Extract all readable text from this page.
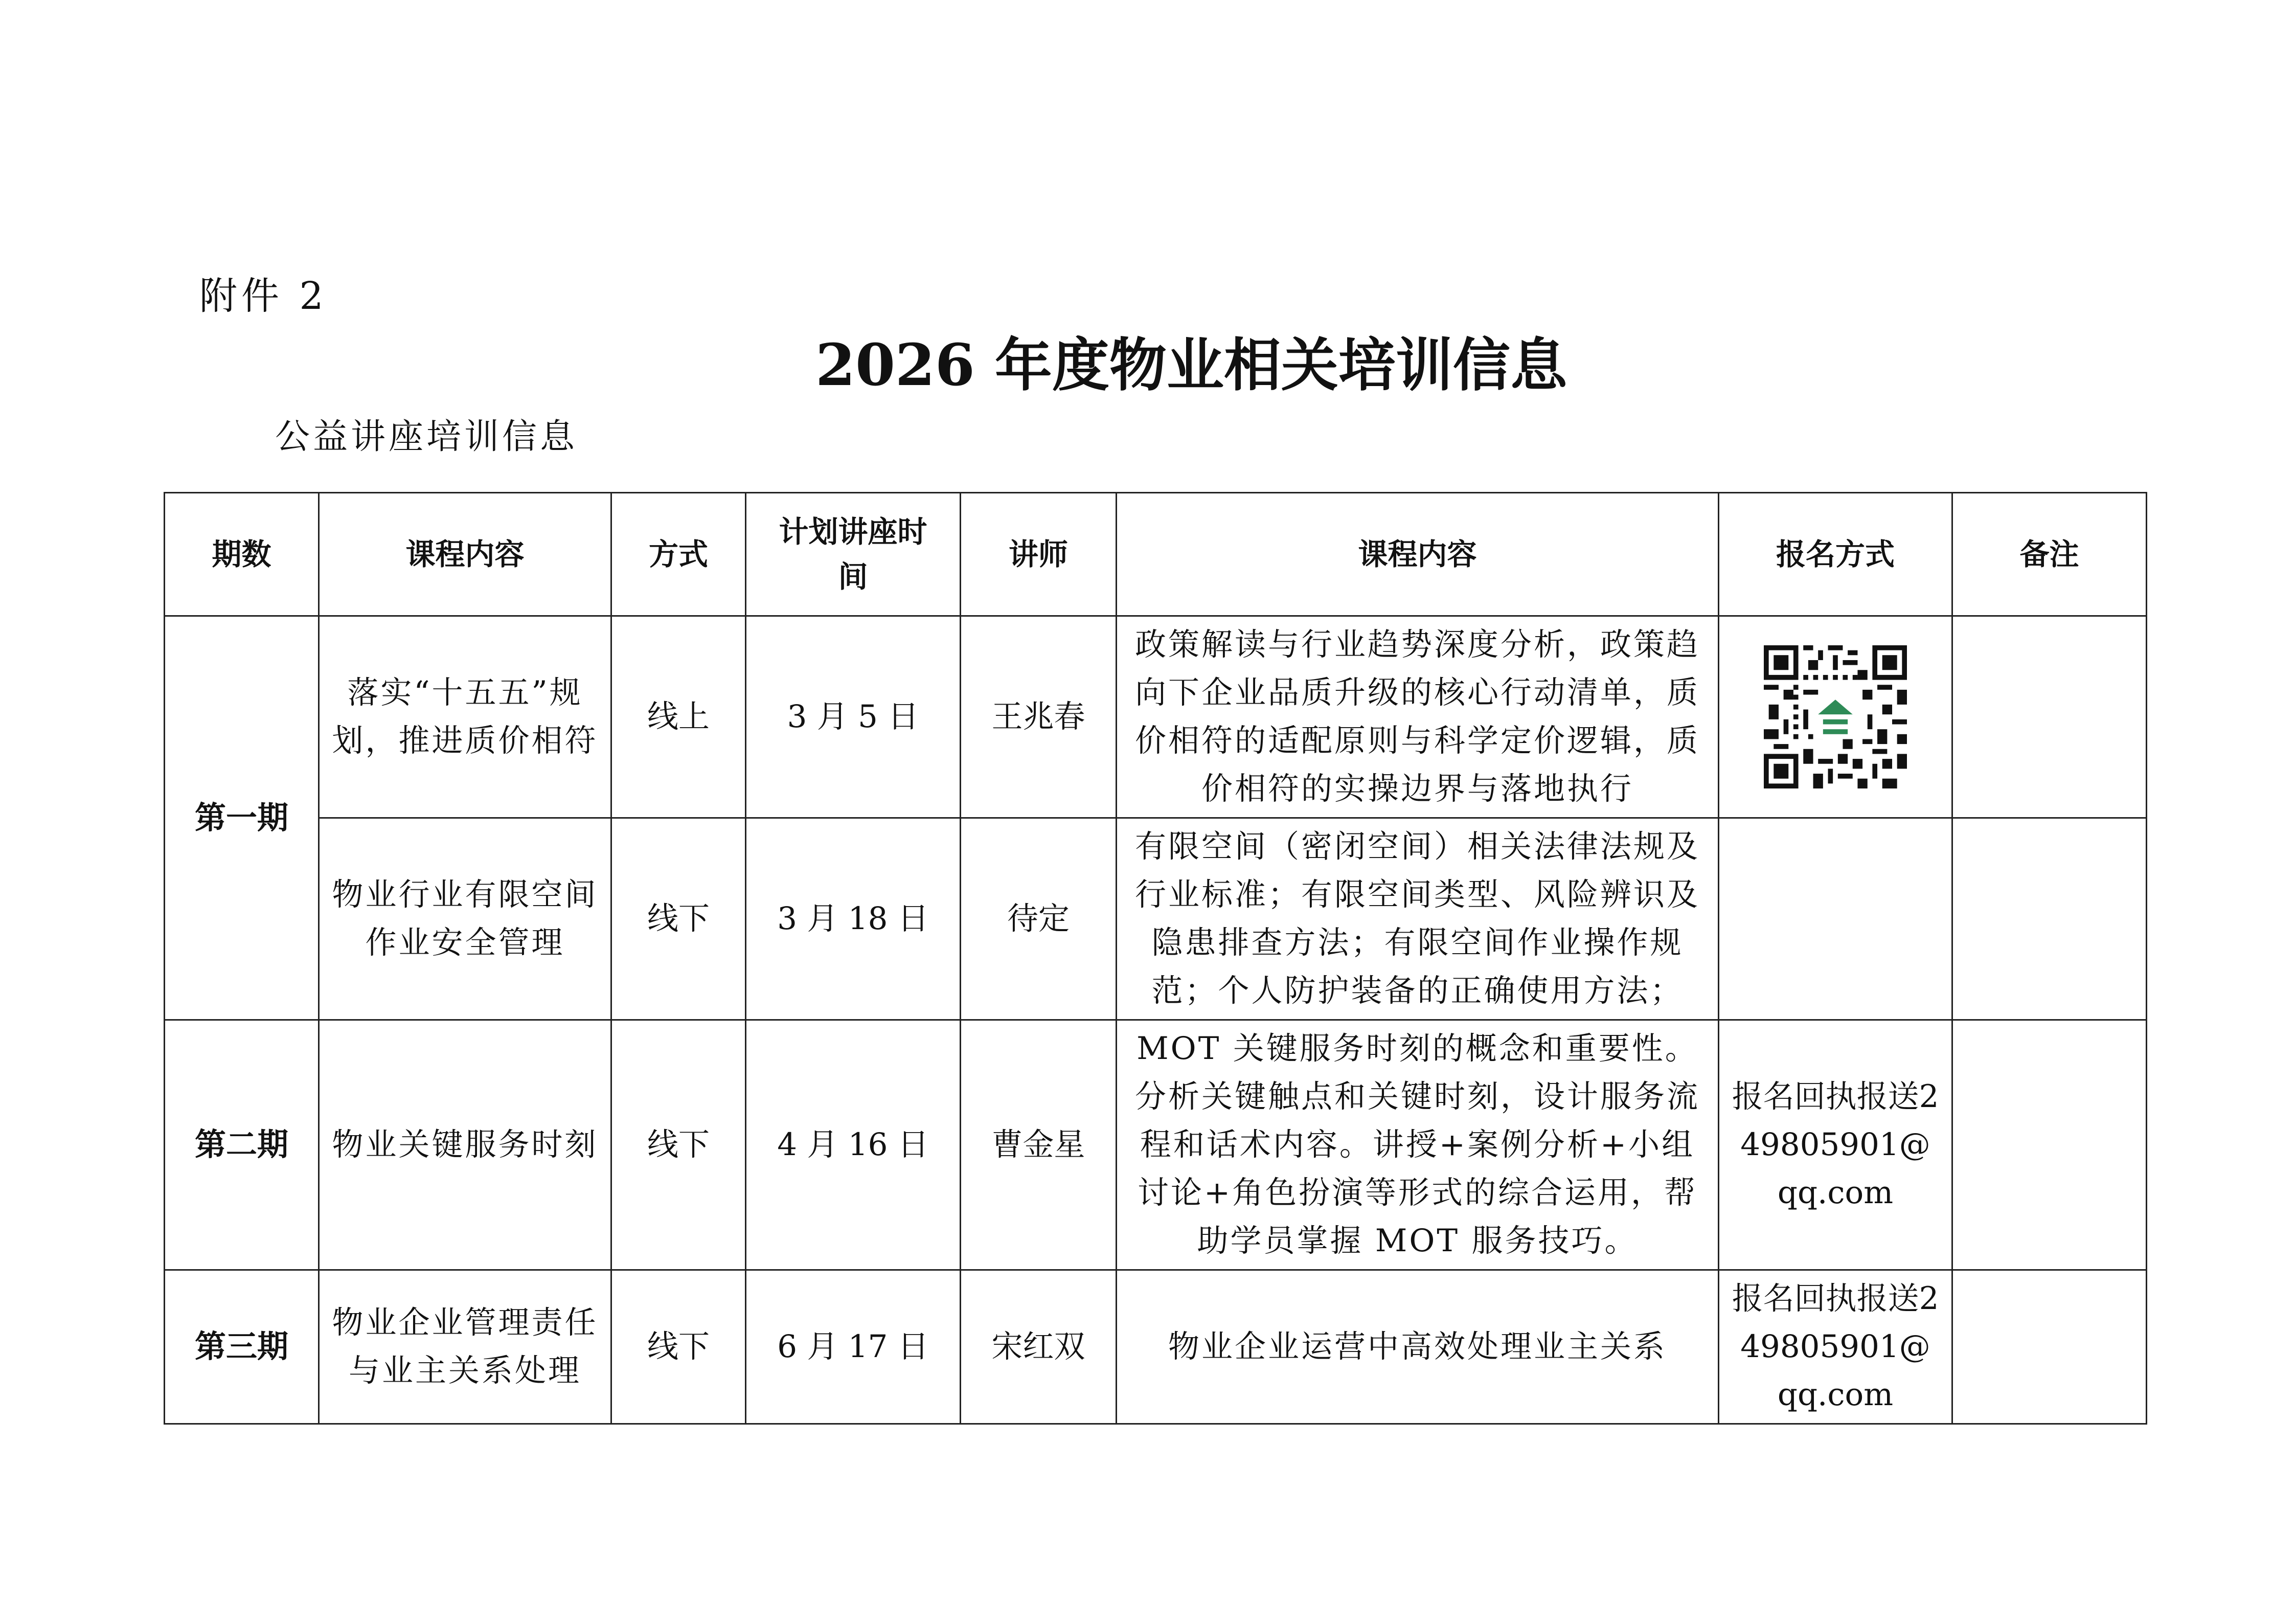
附件 2
2026 年度物业相关培训信息
公益讲座培训信息
期数	课程内容	方式	计划讲座时间	讲师	课程内容	报名方式	备注
第一期	落实“十五五”规划，推进质价相符	线上	3 月 5 日	王兆春	政策解读与行业趋势深度分析，政策趋向下企业品质升级的核心行动清单，质价相符的适配原则与科学定价逻辑，质价相符的实操边界与落地执行	

	物业行业有限空间作业安全管理	线下	3 月 18 日	待定	有限空间（密闭空间）相关法律法规及行业标准；有限空间类型、风险辨识及隐患排查方法；有限空间作业操作规范；个人防护装备的正确使用方法；		
第二期	物业关键服务时刻	线下	4 月 16 日	曹金星	MOT 关键服务时刻的概念和重要性。分析关键触点和关键时刻，设计服务流程和话术内容。讲授+案例分析+小组讨论+角色扮演等形式的综合运用，帮助学员掌握 MOT 服务技巧。	报名回执报送249805901@qq.com	
第三期	物业企业管理责任与业主关系处理	线下	6 月 17 日	宋红双	物业企业运营中高效处理业主关系	报名回执报送249805901@qq.com	
